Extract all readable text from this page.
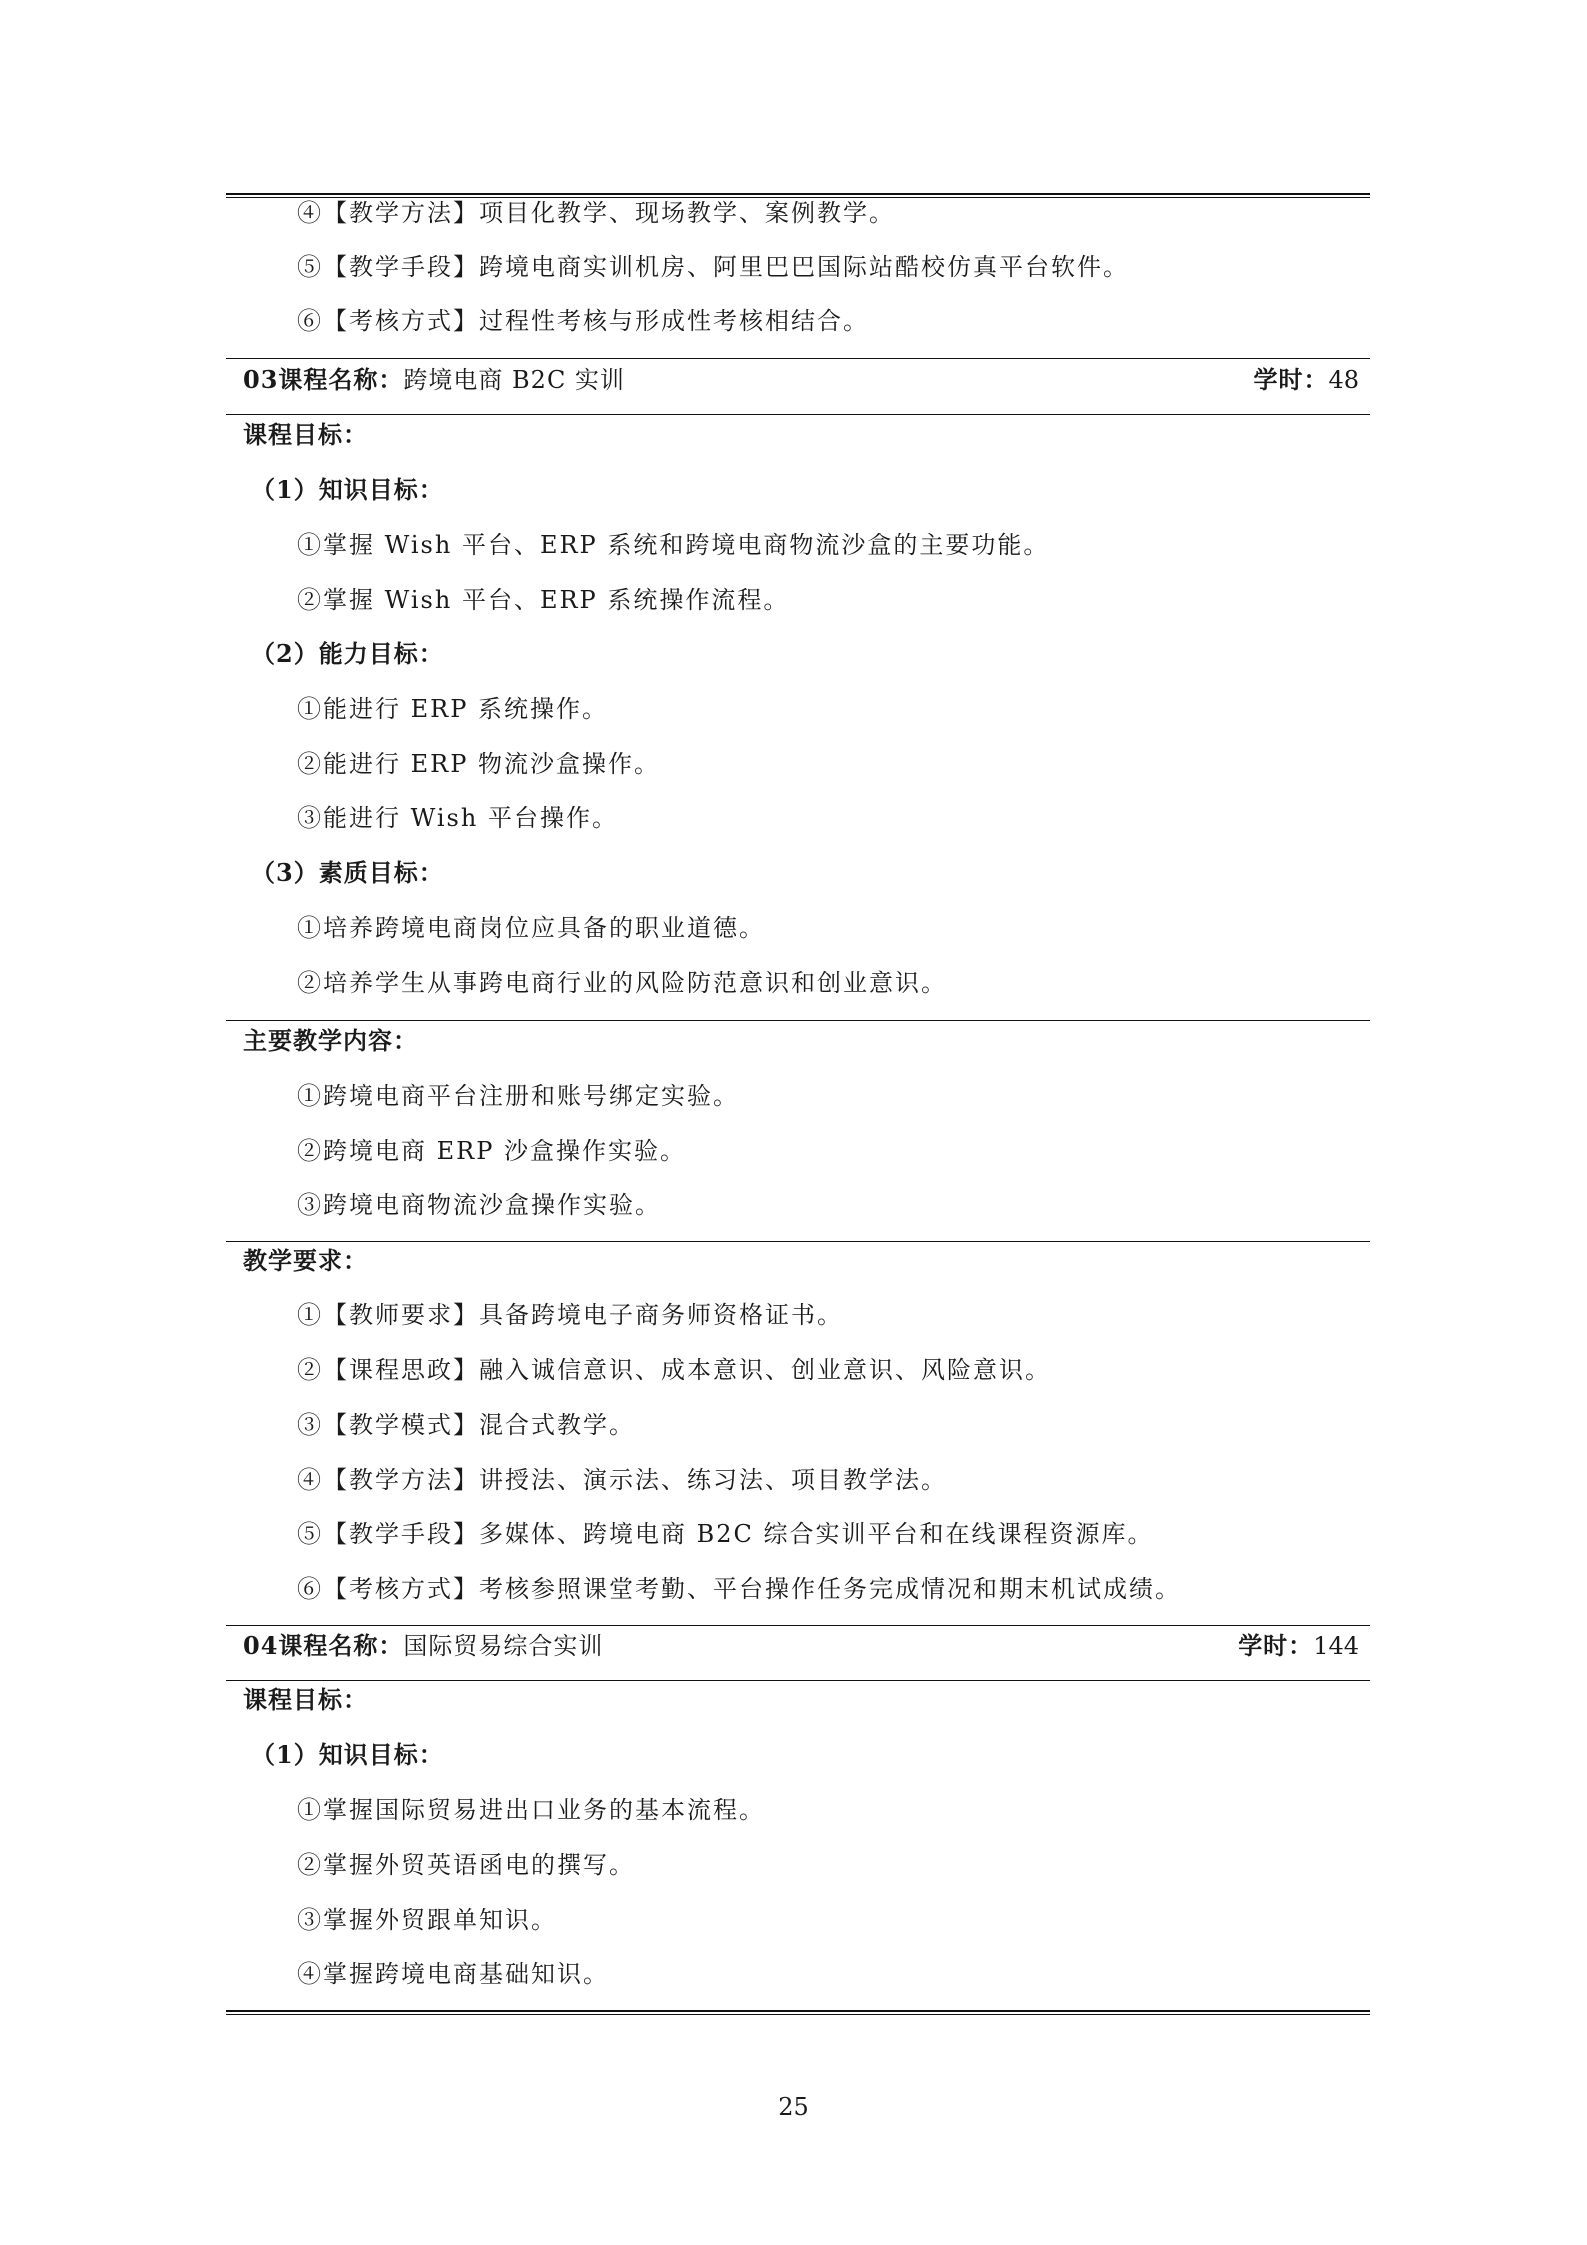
④【教学方法】项目化教学、现场教学、案例教学。
⑤【教学手段】跨境电商实训机房、阿里巴巴国际站酷校仿真平台软件。
⑥【考核方式】过程性考核与形成性考核相结合。
03课程名称：跨境电商 B2C 实训	学时：48
课程目标：
（1）知识目标：
①掌握 Wish 平台、ERP 系统和跨境电商物流沙盒的主要功能。
②掌握 Wish 平台、ERP 系统操作流程。
（2）能力目标：
①能进行 ERP 系统操作。
②能进行 ERP 物流沙盒操作。
③能进行 Wish 平台操作。
（3）素质目标：
①培养跨境电商岗位应具备的职业道德。
②培养学生从事跨电商行业的风险防范意识和创业意识。
主要教学内容：
①跨境电商平台注册和账号绑定实验。
②跨境电商 ERP 沙盒操作实验。
③跨境电商物流沙盒操作实验。
教学要求：
①【教师要求】具备跨境电子商务师资格证书。
②【课程思政】融入诚信意识、成本意识、创业意识、风险意识。
③【教学模式】混合式教学。
④【教学方法】讲授法、演示法、练习法、项目教学法。
⑤【教学手段】多媒体、跨境电商 B2C 综合实训平台和在线课程资源库。
⑥【考核方式】考核参照课堂考勤、平台操作任务完成情况和期末机试成绩。
04课程名称：国际贸易综合实训	学时：144
课程目标：
（1）知识目标：
①掌握国际贸易进出口业务的基本流程。
②掌握外贸英语函电的撰写。
③掌握外贸跟单知识。
④掌握跨境电商基础知识。
25
